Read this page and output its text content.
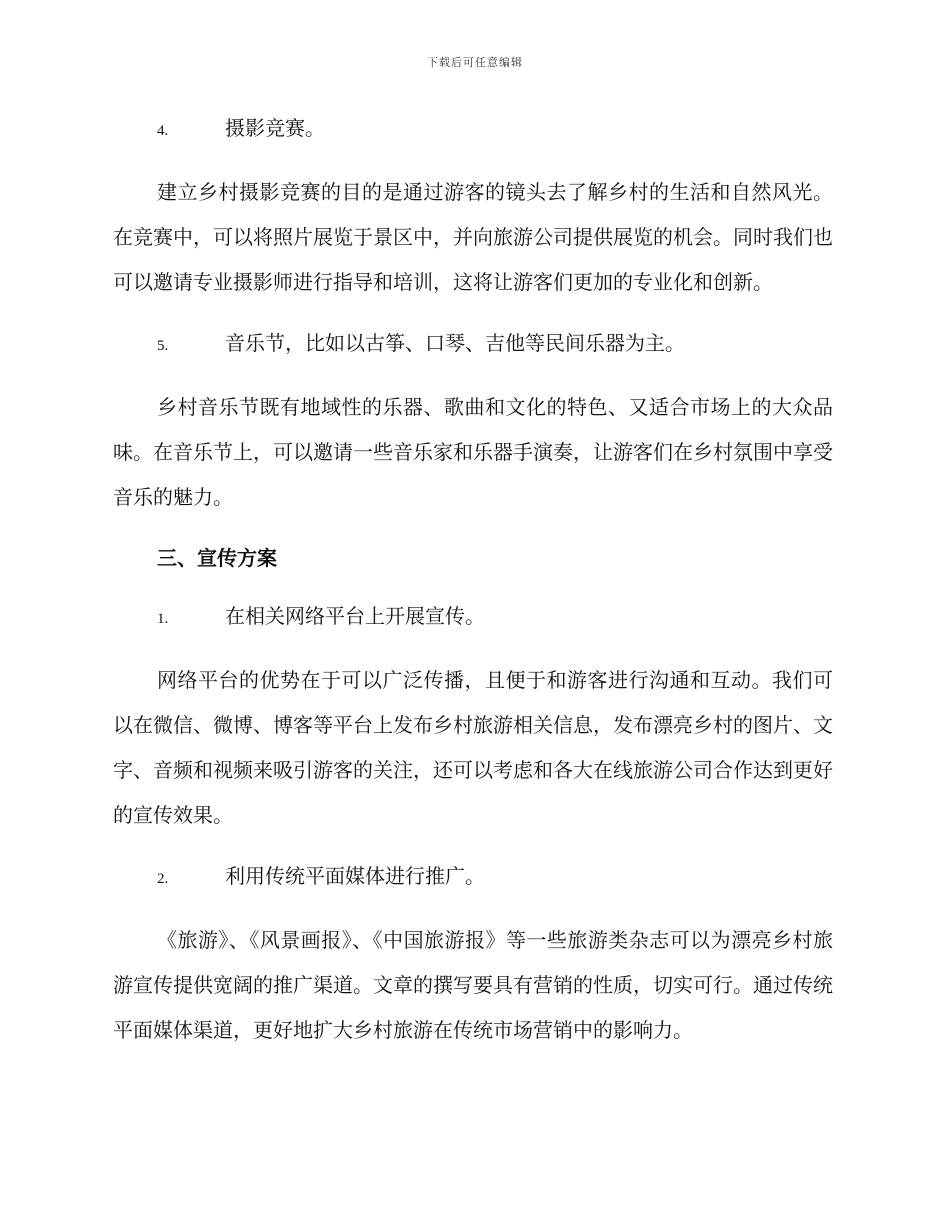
下载后可任意编辑
4.	摄影竞赛。

建立乡村摄影竞赛的目的是通过游客的镜头去了解乡村的生活和自然风光。在竞赛中，可以将照片展览于景区中，并向旅游公司提供展览的机会。同时我们也可以邀请专业摄影师进行指导和培训，这将让游客们更加的专业化和创新。

5.	音乐节，比如以古筝、口琴、吉他等民间乐器为主。

乡村音乐节既有地域性的乐器、歌曲和文化的特色、又适合市场上的大众品味。在音乐节上，可以邀请一些音乐家和乐器手演奏，让游客们在乡村氛围中享受音乐的魅力。

三、宣传方案
1.	在相关网络平台上开展宣传。

网络平台的优势在于可以广泛传播，且便于和游客进行沟通和互动。我们可以在微信、微博、博客等平台上发布乡村旅游相关信息，发布漂亮乡村的图片、文字、音频和视频来吸引游客的关注，还可以考虑和各大在线旅游公司合作达到更好的宣传效果。

2.	利用传统平面媒体进行推广。

《旅游》、《风景画报》、《中国旅游报》等一些旅游类杂志可以为漂亮乡村旅游宣传提供宽阔的推广渠道。文章的撰写要具有营销的性质，切实可行。通过传统平面媒体渠道，更好地扩大乡村旅游在传统市场营销中的影响力。
